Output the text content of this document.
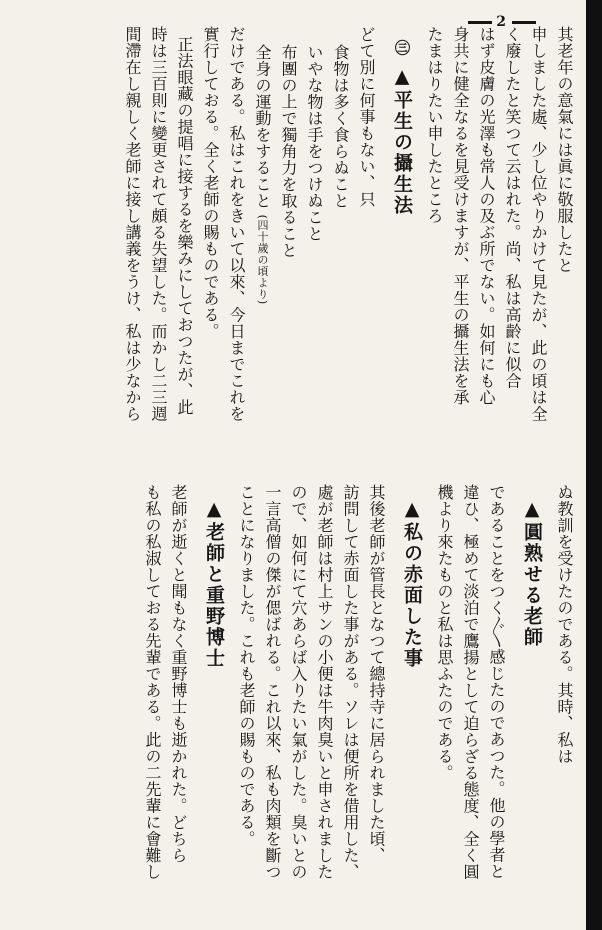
2
其老年の意氣には眞に敬服したと
申しました處、少し位やりかけて見たが、此の頃は全
く廢したと笑つて云はれた。尚、私は高齡に似合
はず皮膚の光澤も常人の及ぶ所でない。如何にも心
身共に健全なるを見受けますが、平生の攝生法を承
たまはりたい申したところ
㊂ ▲平生の攝生法
どて別に何事もない、只
食物は多く食らぬこと
いやな物は手をつけぬこと
布團の上で獨角力を取ること
全身の運動をすること (四十歲の頃より)
だけである。私はこれをきいて以來、今日までこれを
實行しておる。全く老師の賜ものである。
正法眼藏の提唱に接するを樂みにしておつたが、此
時は三百則に變更されて頗る失望した。而かし二三週
間滯在し親しく老師に接し講義をうけ、私は少なから
ぬ教訓を受けたのである。其時、私は
▲圓熟せる老師
であることをつく〴〵感じたのであつた。他の學者と
違ひ、極めて淡泊で鷹揚として迫らざる態度、全く圓
機より來たものと私は思ふたのである。
▲私の赤面した事
其後老師が管長となつて總持寺に居られました頃、
訪問して赤面した事がある。ソレは便所を借用した、
處が老師は村上サンの小便は牛肉臭いと申されました
ので、如何にて穴あらば入りたい氣がした。臭いとの
一言高僧の傑が偲ばれる。これ以來、私も肉類を斷つ
ことになりました。これも老師の賜ものである。
▲老師と重野博士
老師が逝くと聞もなく重野博士も逝かれた。どちら
も私の私淑しておる先輩である。此の二先輩に會難し
